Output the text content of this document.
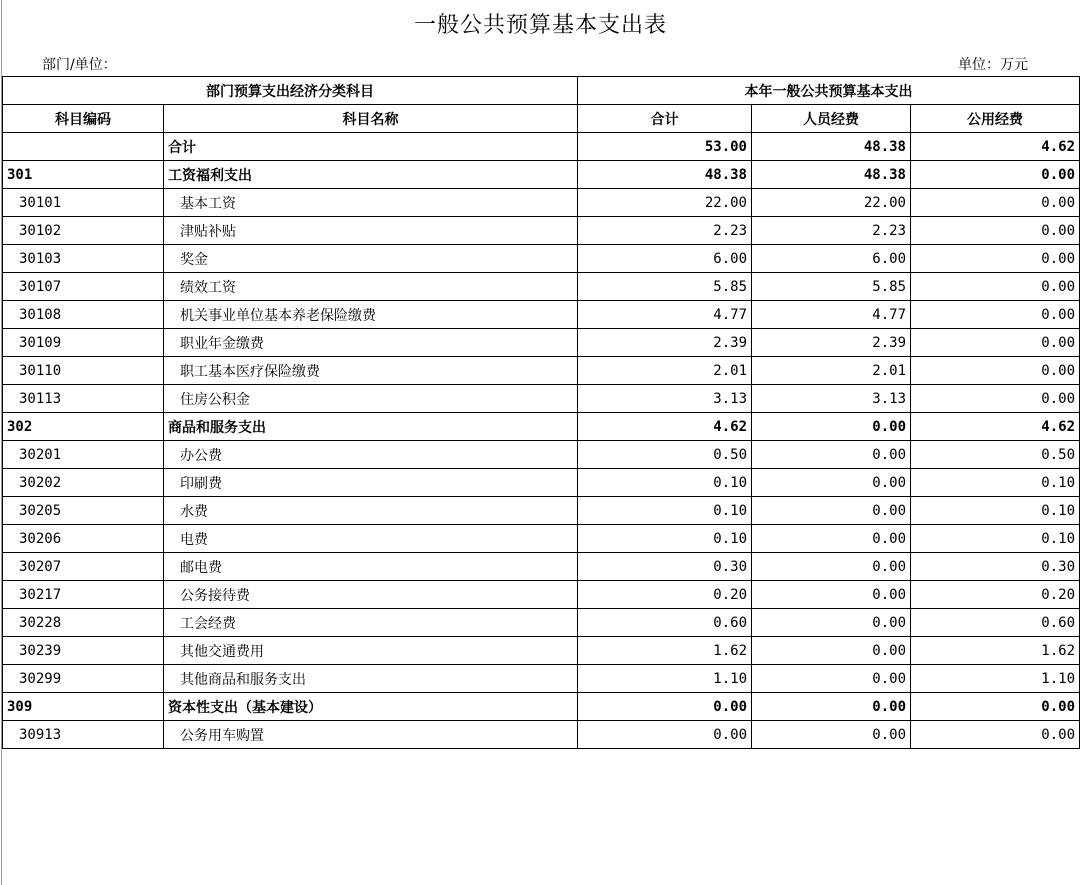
一般公共预算基本支出表
部门/单位：	单位：万元
部门预算支出经济分类科目		本年一般公共预算基本支出		
科目编码	科目名称	合计	人员经费	公用经费
	合计	53.00	48.38	4.62
301	工资福利支出	48.38	48.38	0.00
30101	基本工资	22.00	22.00	0.00
30102	津贴补贴	2.23	2.23	0.00
30103	奖金	6.00	6.00	0.00
30107	绩效工资	5.85	5.85	0.00
30108	机关事业单位基本养老保险缴费	4.77	4.77	0.00
30109	职业年金缴费	2.39	2.39	0.00
30110	职工基本医疗保险缴费	2.01	2.01	0.00
30113	住房公积金	3.13	3.13	0.00
302	商品和服务支出	4.62	0.00	4.62
30201	办公费	0.50	0.00	0.50
30202	印刷费	0.10	0.00	0.10
30205	水费	0.10	0.00	0.10
30206	电费	0.10	0.00	0.10
30207	邮电费	0.30	0.00	0.30
30217	公务接待费	0.20	0.00	0.20
30228	工会经费	0.60	0.00	0.60
30239	其他交通费用	1.62	0.00	1.62
30299	其他商品和服务支出	1.10	0.00	1.10
309	资本性支出（基本建设）	0.00	0.00	0.00
30913	公务用车购置	0.00	0.00	0.00
